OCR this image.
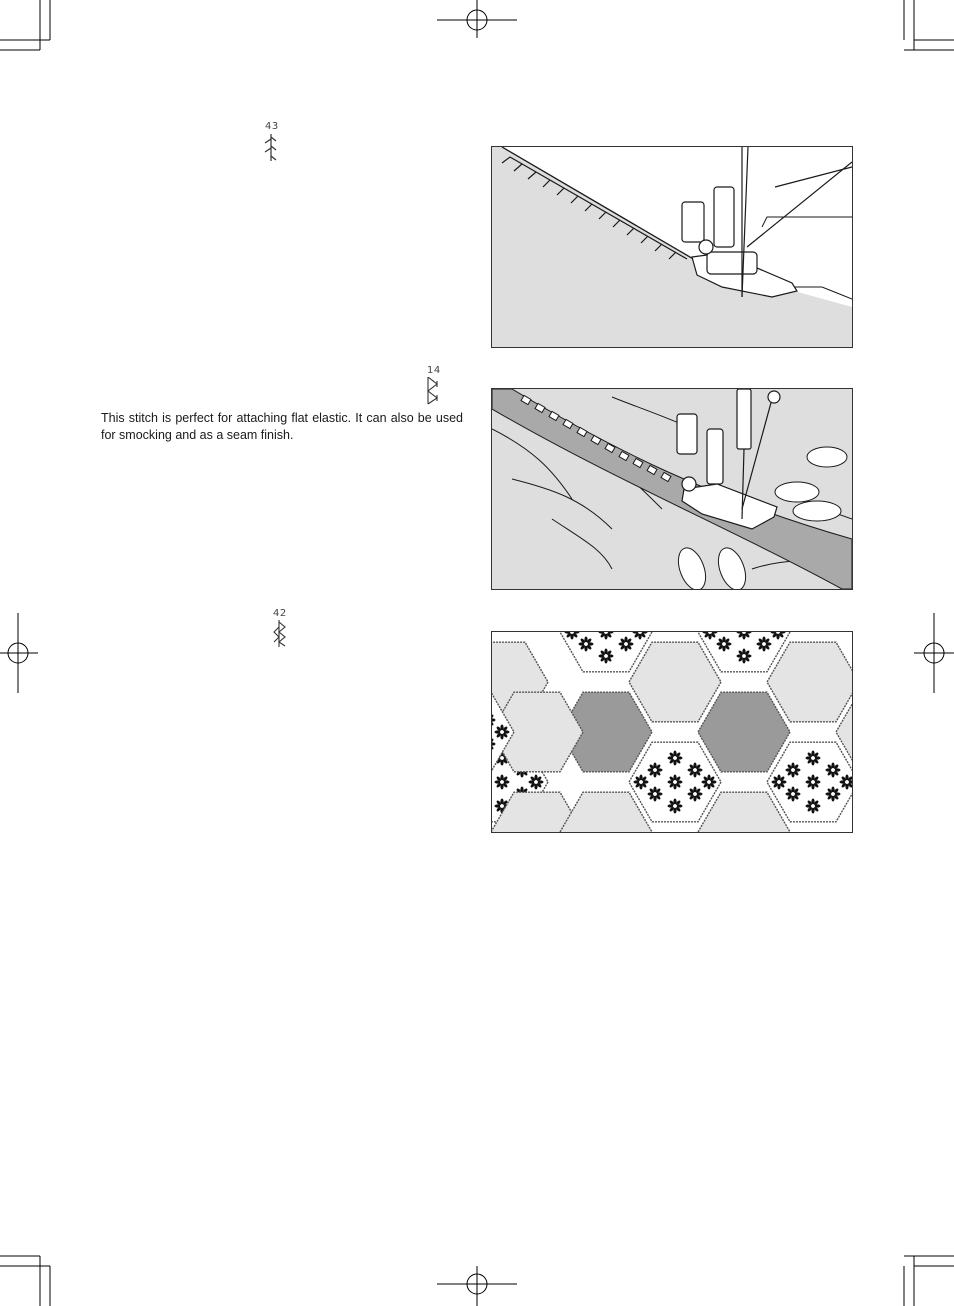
43
14
This stitch is perfect for attaching flat elastic. It can also be used for smocking and as a seam finish.
42
